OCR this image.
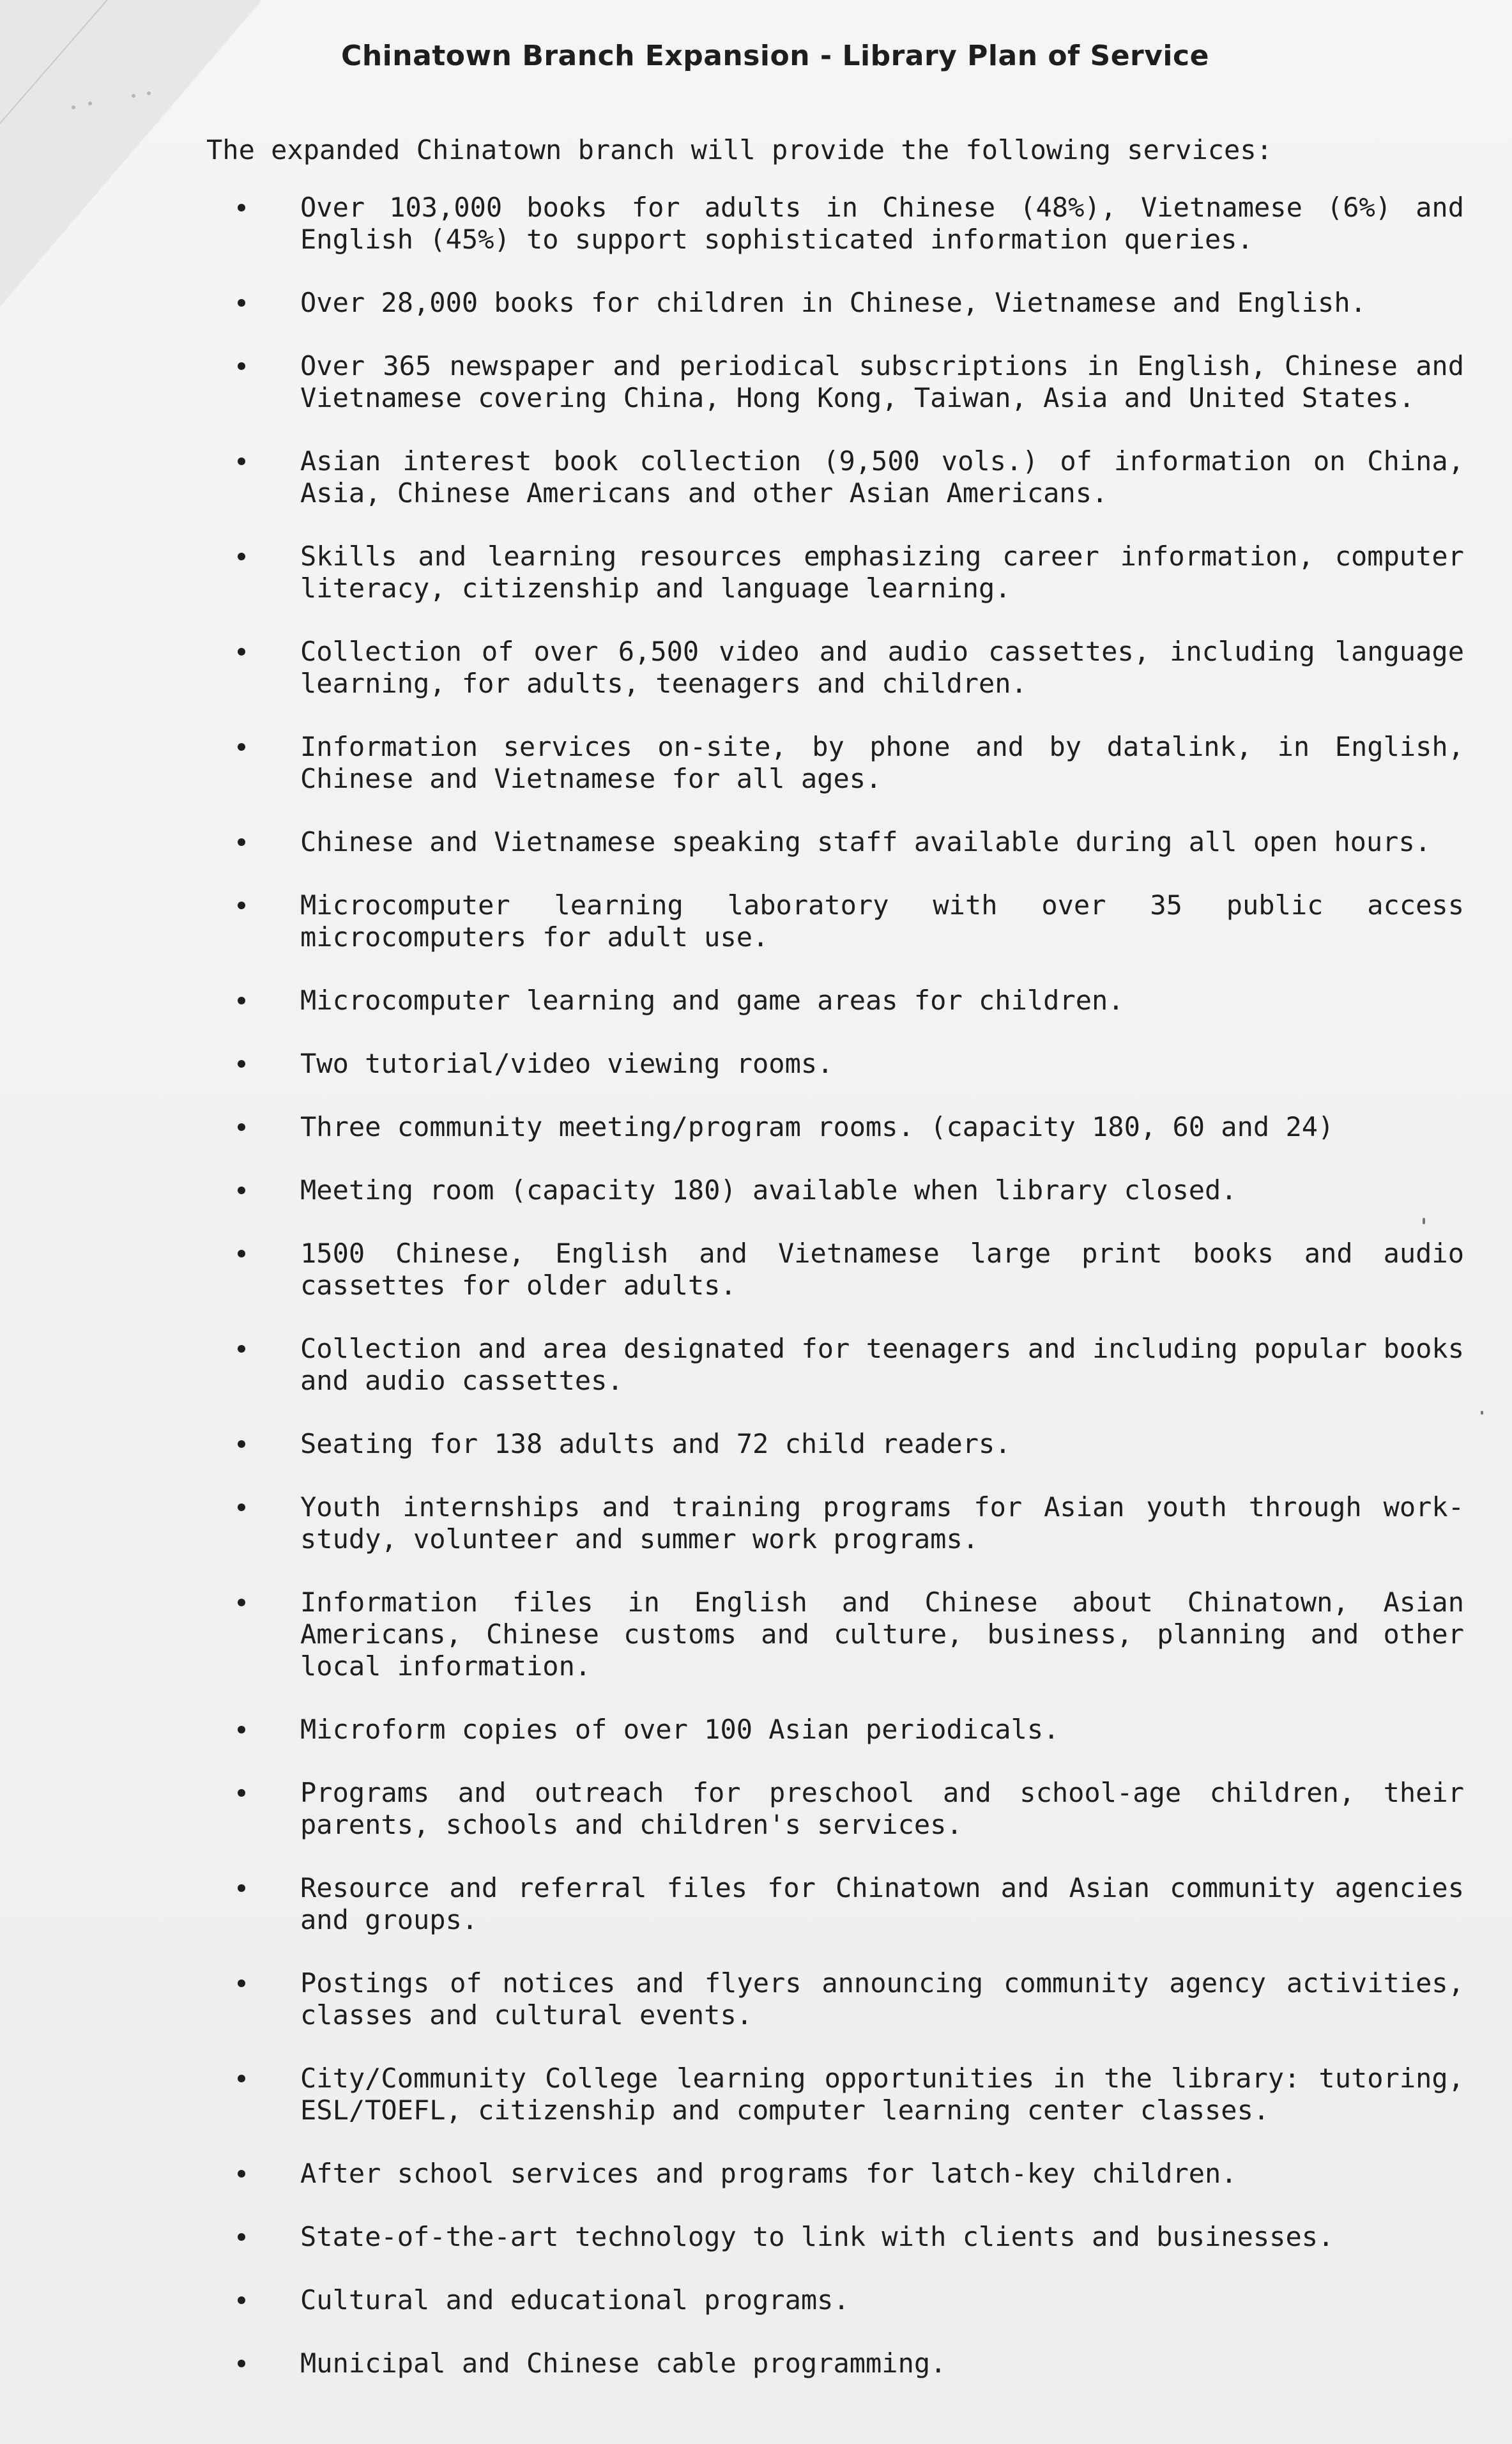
Chinatown Branch Expansion - Library Plan of Service
The expanded Chinatown branch will provide the following services:
Over 103,000 books for adults in Chinese (48%), Vietnamese (6%) and English (45%) to support sophisticated information queries.
Over 28,000 books for children in Chinese, Vietnamese and English.
Over 365 newspaper and periodical subscriptions in English, Chinese and Vietnamese covering China, Hong Kong, Taiwan, Asia and United States.
Asian interest book collection (9,500 vols.) of information on China, Asia, Chinese Americans and other Asian Americans.
Skills and learning resources emphasizing career information, computer literacy, citizenship and language learning.
Collection of over 6,500 video and audio cassettes, including language learning, for adults, teenagers and children.
Information services on-site, by phone and by datalink, in English, Chinese and Vietnamese for all ages.
Chinese and Vietnamese speaking staff available during all open hours.
Microcomputer learning laboratory with over 35 public access microcomputers for adult use.
Microcomputer learning and game areas for children.
Two tutorial/video viewing rooms.
Three community meeting/program rooms. (capacity 180, 60 and 24)
Meeting room (capacity 180) available when library closed.
1500 Chinese, English and Vietnamese large print books and audio cassettes for older adults.
Collection and area designated for teenagers and including popular books and audio cassettes.
Seating for 138 adults and 72 child readers.
Youth internships and training programs for Asian youth through work-study, volunteer and summer work programs.
Information files in English and Chinese about Chinatown, Asian Americans, Chinese customs and culture, business, planning and other local information.
Microform copies of over 100 Asian periodicals.
Programs and outreach for preschool and school-age children, their parents, schools and children's services.
Resource and referral files for Chinatown and Asian community agencies and groups.
Postings of notices and flyers announcing community agency activities, classes and cultural events.
City/Community College learning opportunities in the library: tutoring, ESL/TOEFL, citizenship and computer learning center classes.
After school services and programs for latch-key children.
State-of-the-art technology to link with clients and businesses.
Cultural and educational programs.
Municipal and Chinese cable programming.
